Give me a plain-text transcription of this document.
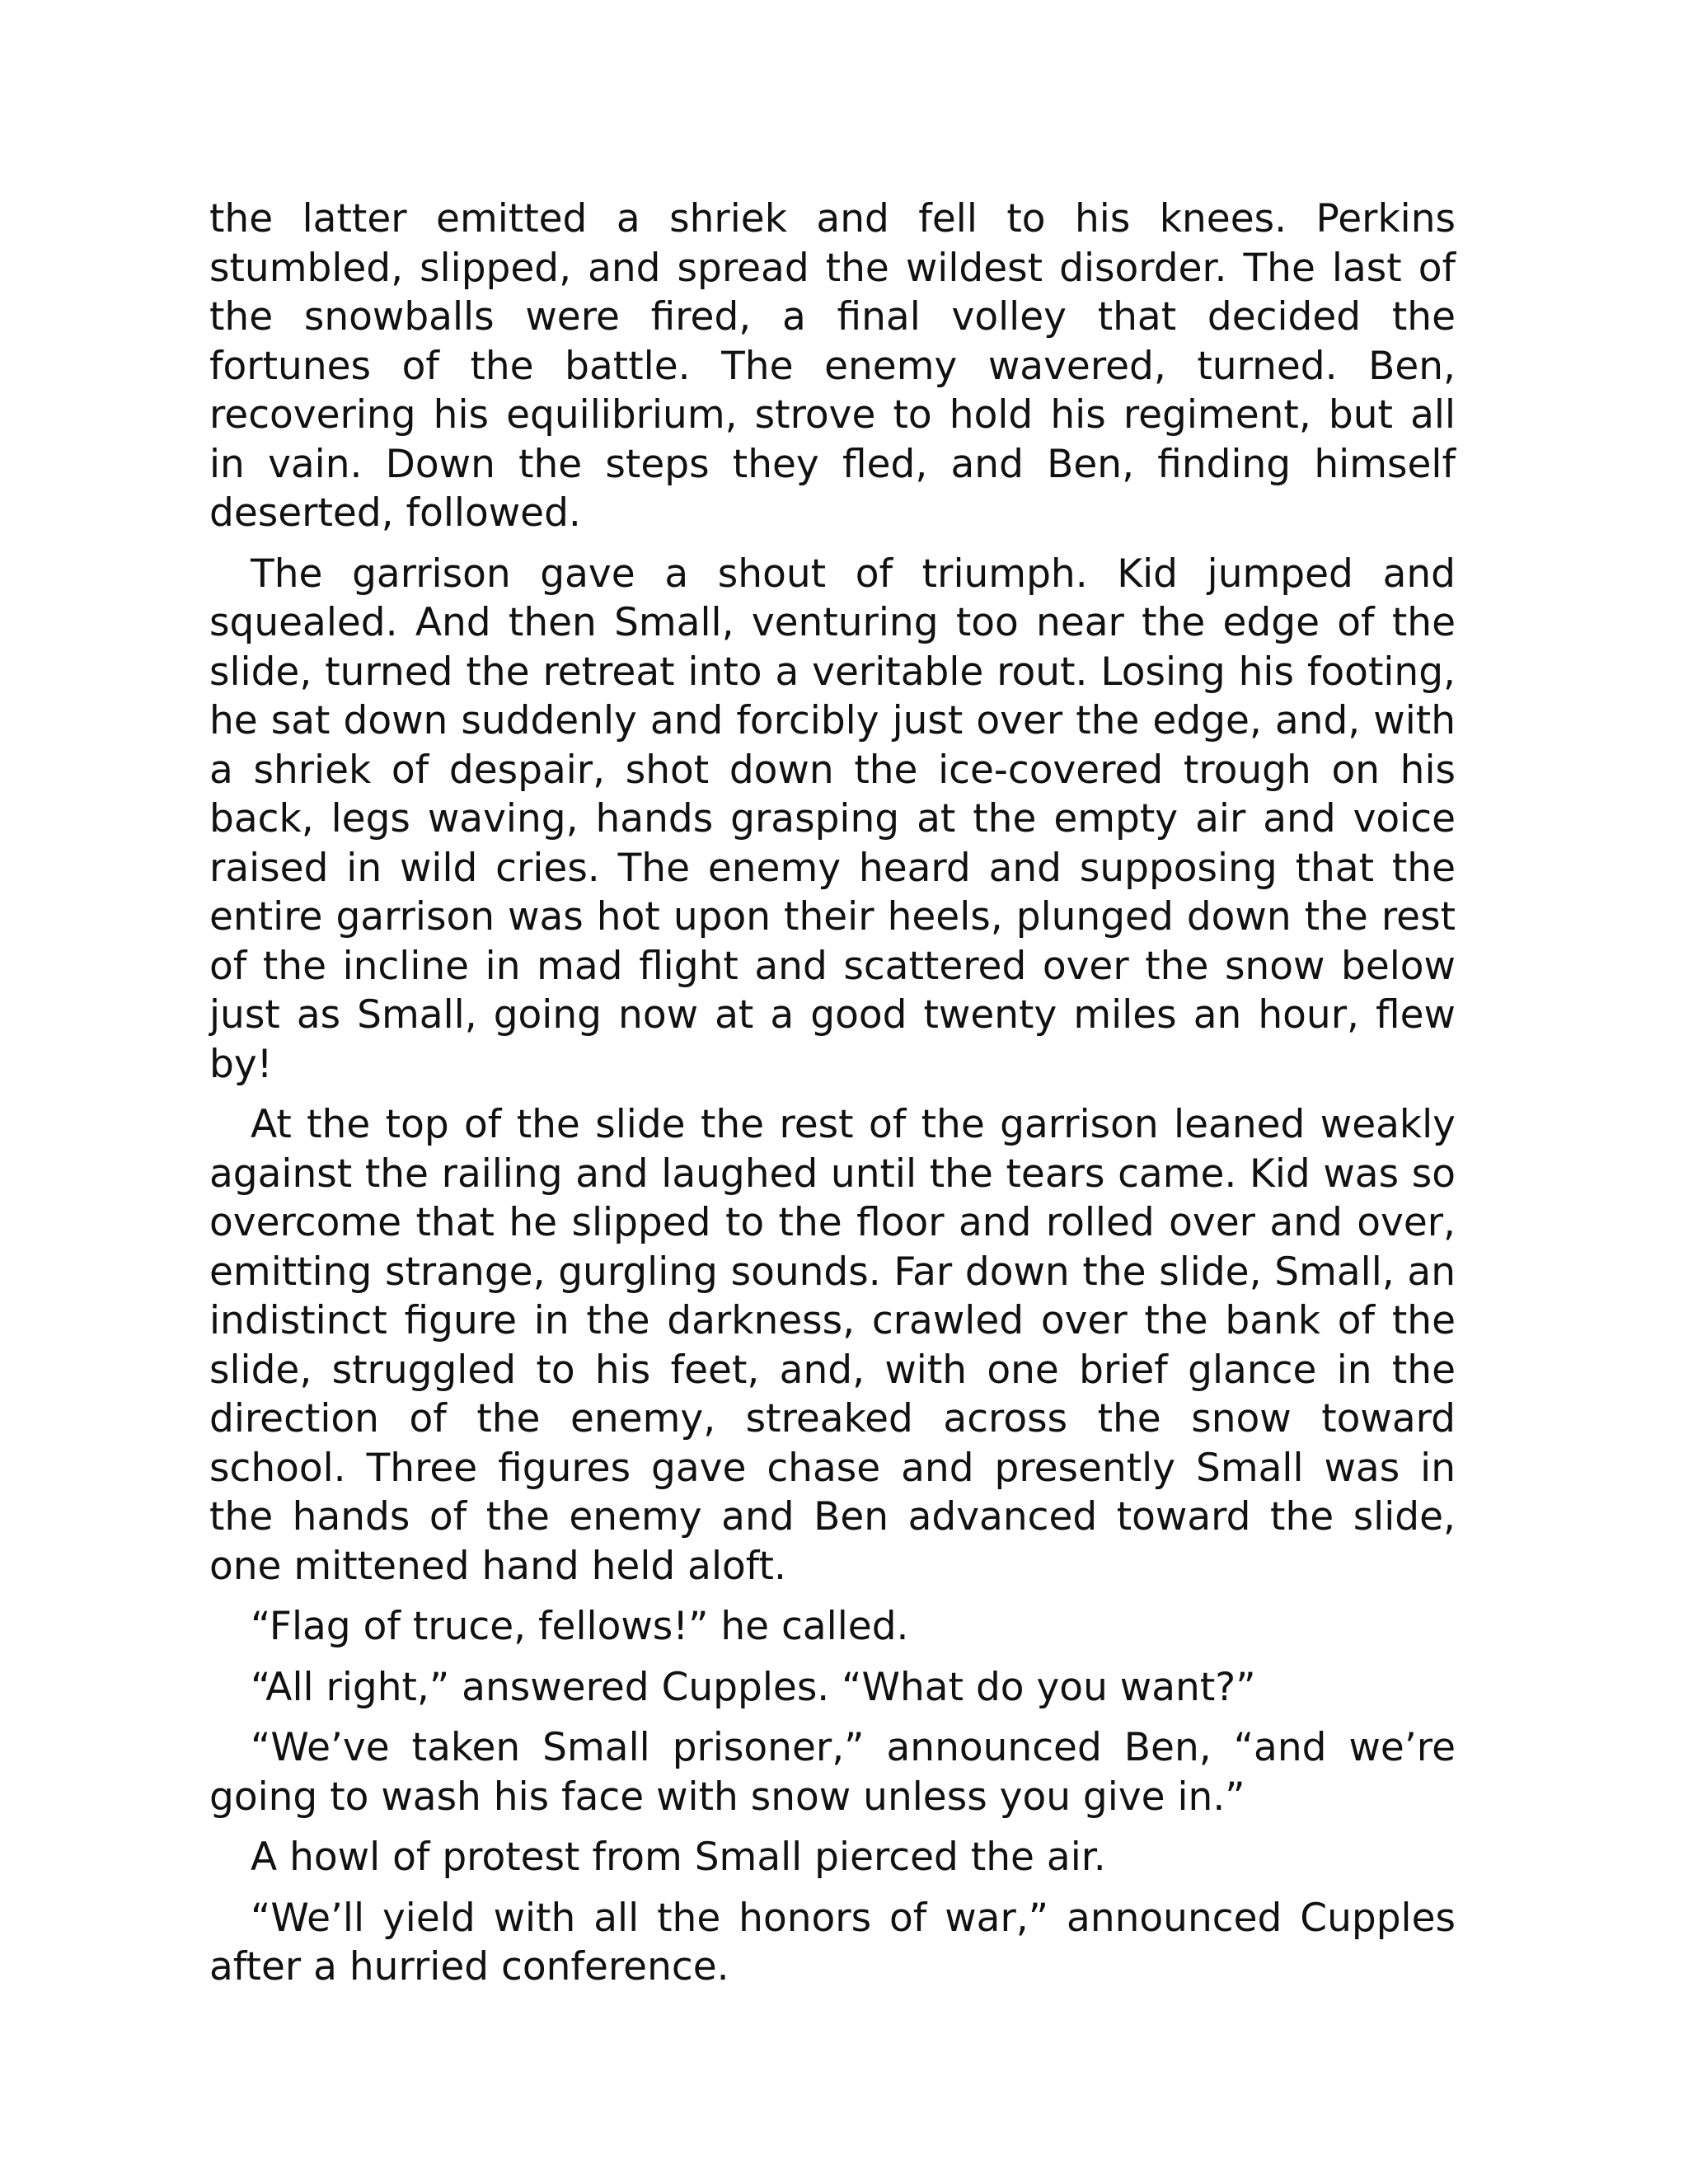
the latter emitted a shriek and fell to his knees. Perkins stumbled, slipped, and spread the wildest disorder. The last of the snowballs were fired, a final volley that decided the fortunes of the battle. The enemy wavered, turned. Ben, recovering his equilibrium, strove to hold his regiment, but all in vain. Down the steps they fled, and Ben, finding himself deserted, followed.

The garrison gave a shout of triumph. Kid jumped and squealed. And then Small, venturing too near the edge of the slide, turned the retreat into a veritable rout. Losing his footing, he sat down suddenly and forcibly just over the edge, and, with a shriek of despair, shot down the ice-covered trough on his back, legs waving, hands grasping at the empty air and voice raised in wild cries. The enemy heard and supposing that the entire garrison was hot upon their heels, plunged down the rest of the incline in mad flight and scattered over the snow below just as Small, going now at a good twenty miles an hour, flew by!

At the top of the slide the rest of the garrison leaned weakly against the railing and laughed until the tears came. Kid was so overcome that he slipped to the floor and rolled over and over, emitting strange, gurgling sounds. Far down the slide, Small, an indistinct figure in the darkness, crawled over the bank of the slide, struggled to his feet, and, with one brief glance in the direction of the enemy, streaked across the snow toward school. Three figures gave chase and presently Small was in the hands of the enemy and Ben advanced toward the slide, one mittened hand held aloft.

“Flag of truce, fellows!” he called.

“All right,” answered Cupples. “What do you want?”

“We’ve taken Small prisoner,” announced Ben, “and we’re going to wash his face with snow unless you give in.”

A howl of protest from Small pierced the air.

“We’ll yield with all the honors of war,” announced Cupples after a hurried conference.
